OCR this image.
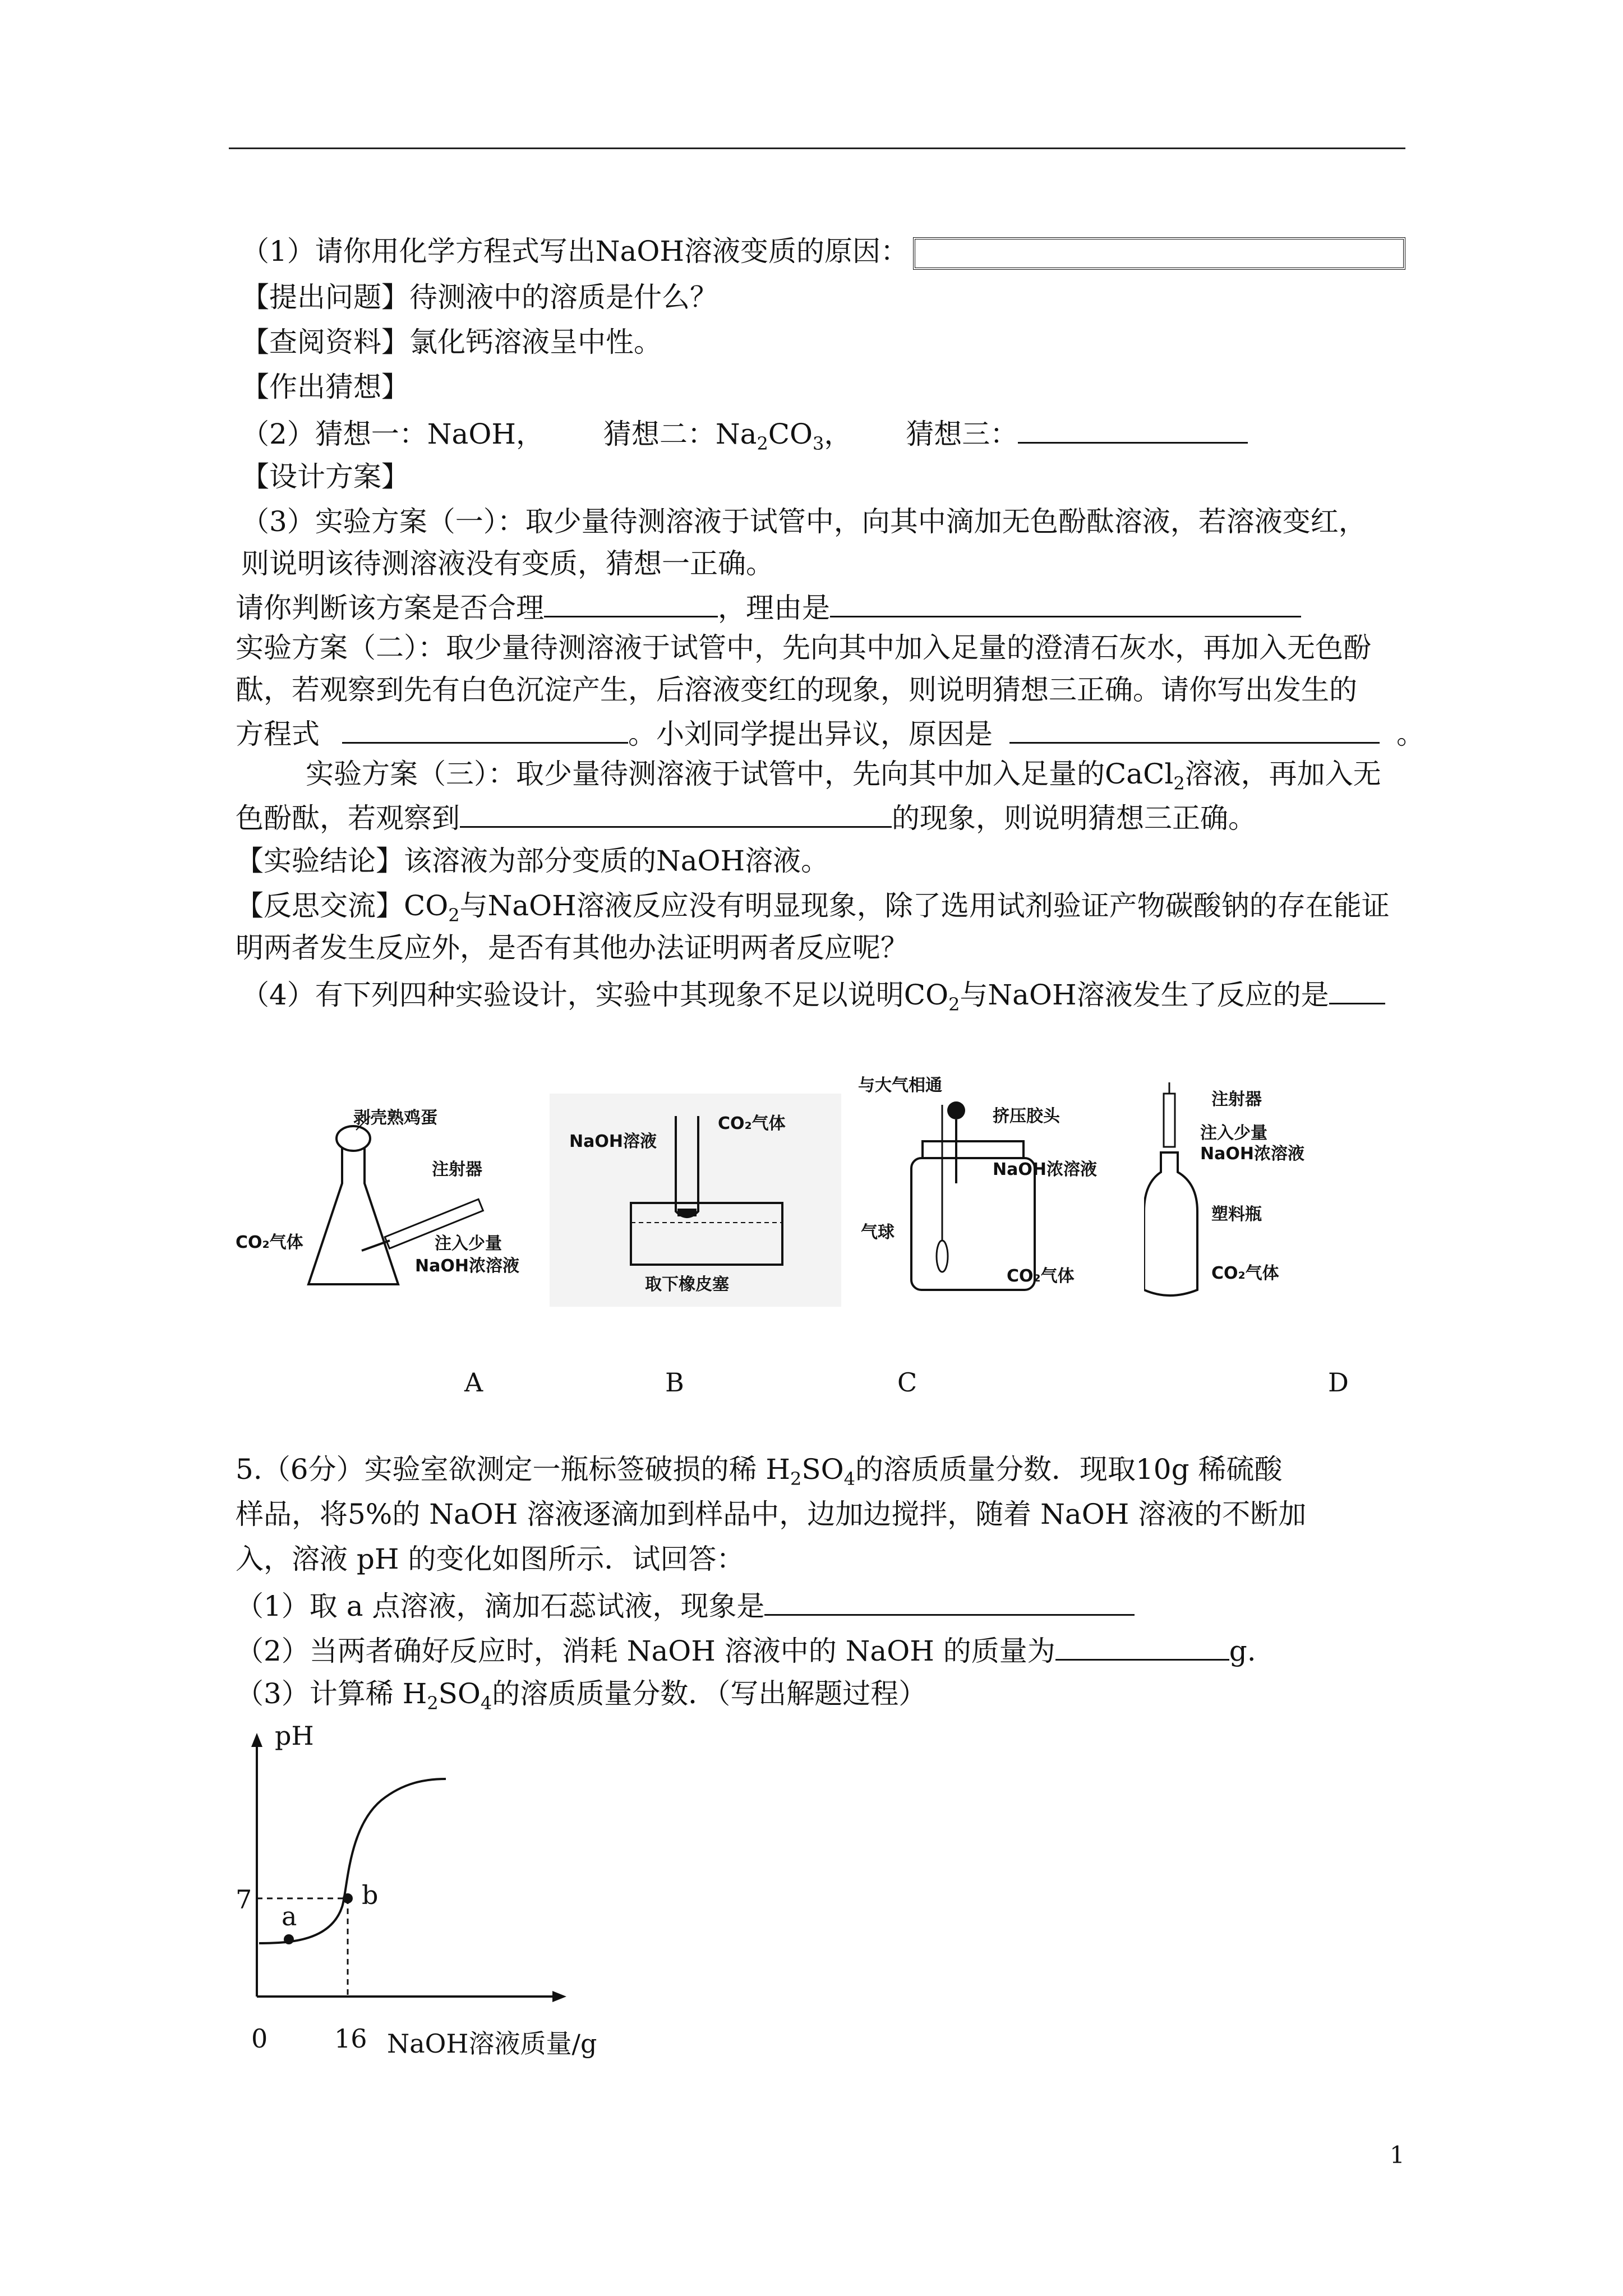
（1）请你用化学方程式写出NaOH溶液变质的原因：
【提出问题】待测液中的溶质是什么？
【查阅资料】氯化钙溶液呈中性。
【作出猜想】
（2）猜想一：NaOH， 猜想二：$Na_2CO_3$， 猜想三：
【设计方案】
（3）实验方案（一）：取少量待测溶液于试管中，向其中滴加无色酚酞溶液，若溶液变红，
则说明该待测溶液没有变质，猜想一正确。
请你判断该方案是否合理	，理由是
实验方案（二）：取少量待测溶液于试管中，先向其中加入足量的澄清石灰水，再加入无色酚
酞，若观察到先有白色沉淀产生，后溶液变红的现象，则说明猜想三正确。请你写出发生的
方程式	。小刘同学提出异议，原因是	。
实验方案（三）：取少量待测溶液于试管中，先向其中加入足量的CaCl$_2$溶液，再加入无
色酚酞，若观察到	的现象，则说明猜想三正确。
【实验结论】该溶液为部分变质的NaOH溶液。
【反思交流】$CO_2$与NaOH溶液反应没有明显现象，除了选用试剂验证产物碳酸钠的存在能证
明两者发生反应外，是否有其他办法证明两者反应呢？
（4）有下列四种实验设计，实验中其现象不足以说明$CO_2$与NaOH溶液发生了反应的是
剥壳熟鸡蛋
注射器
CO₂气体	注入少量
NaOH浓溶液
NaOH溶液
CO₂气体
取下橡皮塞
与大气相通
挤压胶头
NaOH浓溶液
气球
CO₂气体
注射器
注入少量
NaOH浓溶液
塑料瓶
CO₂气体
A	B	C	D
5.（6分）实验室欲测定一瓶标签破损的稀 $H_2SO_4$的溶质质量分数．现取10g 稀硫酸
样品，将5%的 NaOH 溶液逐滴加到样品中，边加边搅拌，随着 NaOH 溶液的不断加
入，溶液 pH 的变化如图所示．试回答：
（1）取 a 点溶液，滴加石蕊试液，现象是
（2）当两者确好反应时，消耗 NaOH 溶液中的 NaOH 的质量为	g.
（3）计算稀 $H_2SO_4$的溶质质量分数．（写出解题过程）
pH
7
a
b
0	16 NaOH溶液质量/g
1
